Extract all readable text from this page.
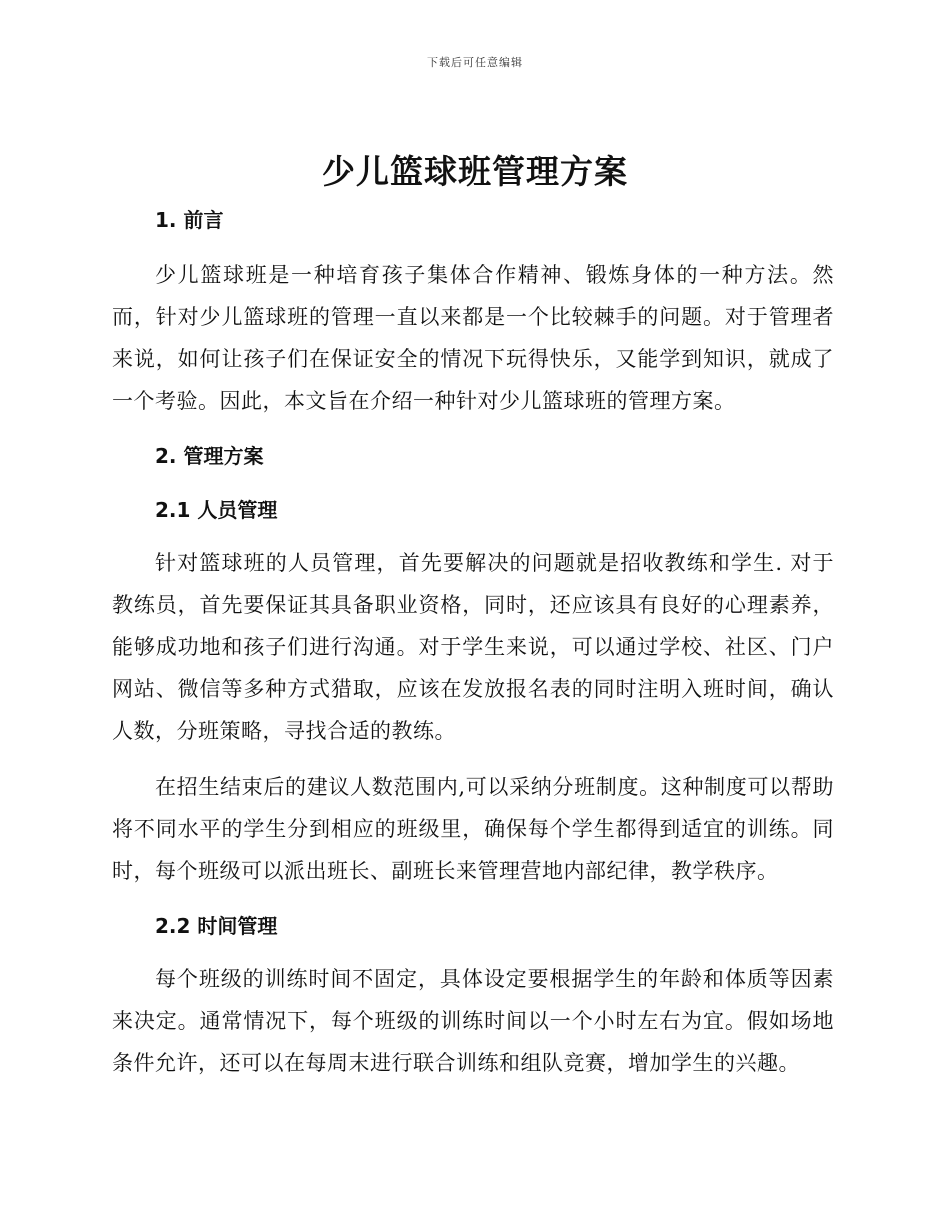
下载后可任意编辑
少儿篮球班管理方案

1. 前言

少儿篮球班是一种培育孩子集体合作精神、锻炼身体的一种方法。然而，针对少儿篮球班的管理一直以来都是一个比较棘手的问题。对于管理者来说，如何让孩子们在保证安全的情况下玩得快乐，又能学到知识，就成了一个考验。因此，本文旨在介绍一种针对少儿篮球班的管理方案。

2. 管理方案

2.1 人员管理

针对篮球班的人员管理，首先要解决的问题就是招收教练和学生. 对于教练员，首先要保证其具备职业资格，同时，还应该具有良好的心理素养，能够成功地和孩子们进行沟通。对于学生来说，可以通过学校、社区、门户网站、微信等多种方式猎取，应该在发放报名表的同时注明入班时间，确认人数，分班策略，寻找合适的教练。

在招生结束后的建议人数范围内,可以采纳分班制度。这种制度可以帮助将不同水平的学生分到相应的班级里，确保每个学生都得到适宜的训练。同时，每个班级可以派出班长、副班长来管理营地内部纪律，教学秩序。

2.2 时间管理

每个班级的训练时间不固定，具体设定要根据学生的年龄和体质等因素来决定。通常情况下，每个班级的训练时间以一个小时左右为宜。假如场地条件允许，还可以在每周末进行联合训练和组队竞赛，增加学生的兴趣。
